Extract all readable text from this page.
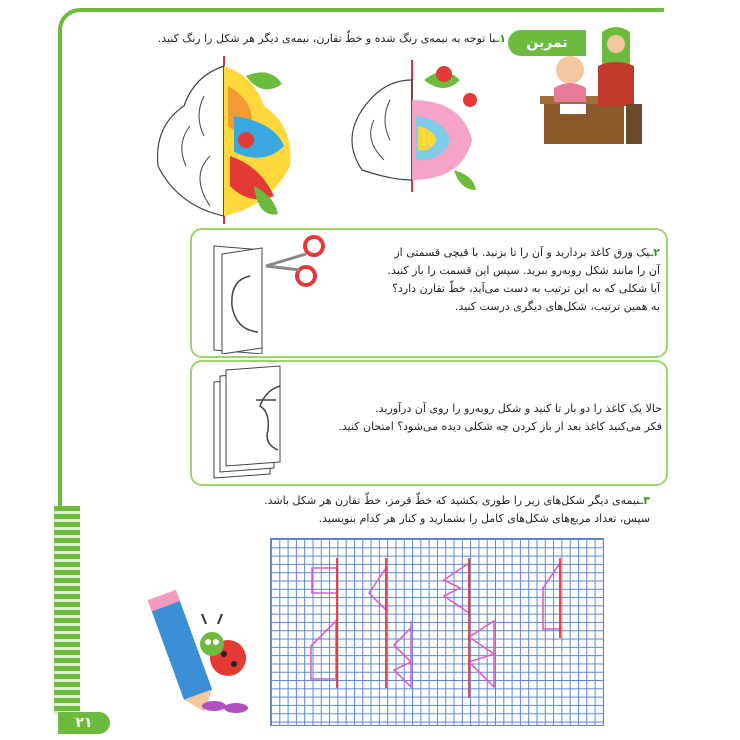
۲۱
تمرین
۱ـبا توجه به نیمه‌ی رنگ شده و خطّ تقارن، نیمه‌ی دیگر هر شکل را رنگ کنید.
۲ـیک ورق کاغذ بردارید و آن را تا بزنید. با قیچی قسمتی از
آن را مانند شکل روبه‌رو ببرید. سپس این قسمت را باز کنید.
آیا شکلی که به این ترتیب به دست می‌آید، خطّ تقارن دارد؟
به همین ترتیب، شکل‌های دیگری درست کنید.
حالا یک کاغذ را دو بار تا کنید و شکل روبه‌رو را روی آن درآورید.
فکر می‌کنید کاغذ بعد از باز کردن چه شکلی دیده می‌شود؟ امتحان کنید.
۳ـنیمه‌ی دیگر شکل‌های زیر را طوری بکشید که خطّ قرمز، خطّ تقارن هر شکل باشد.
سپس، تعداد مربع‌های شکل‌های کامل را بشمارید و کنار هر کدام بنویسید.
